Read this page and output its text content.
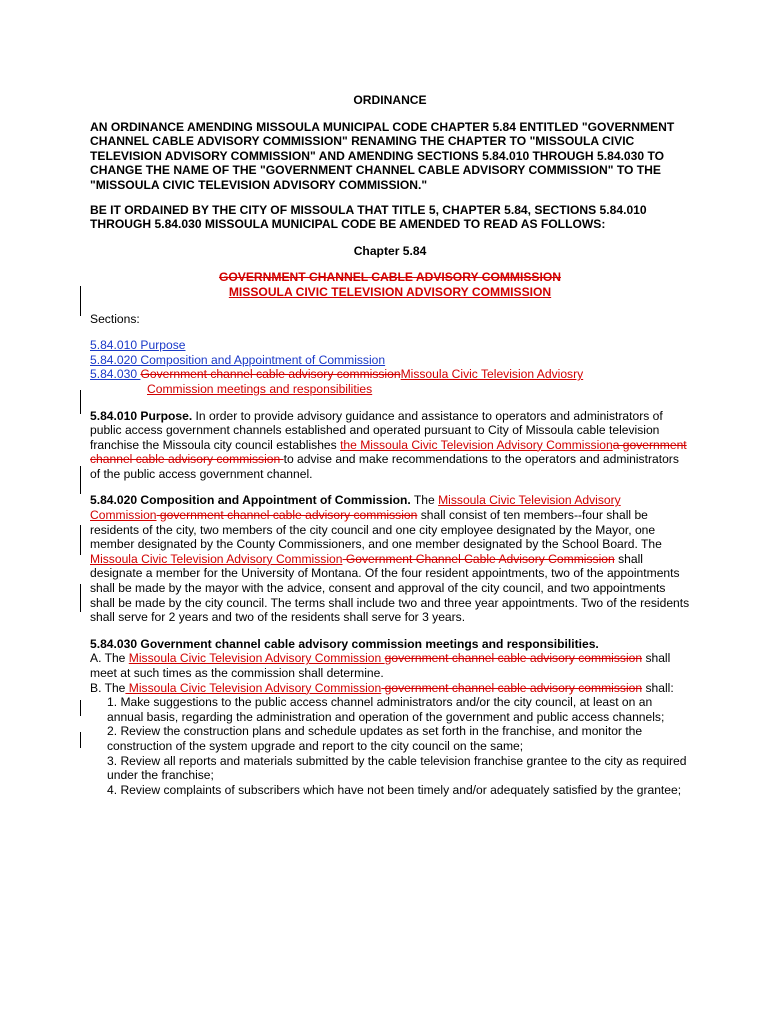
ORDINANCE

AN ORDINANCE AMENDING MISSOULA MUNICIPAL CODE CHAPTER 5.84 ENTITLED "GOVERNMENT CHANNEL CABLE ADVISORY COMMISSION" RENAMING THE CHAPTER TO "MISSOULA CIVIC TELEVISION ADVISORY COMMISSION" AND AMENDING SECTIONS 5.84.010 THROUGH 5.84.030 TO CHANGE THE NAME OF THE "GOVERNMENT CHANNEL CABLE ADVISORY COMMISSION" TO THE "MISSOULA CIVIC TELEVISION ADVISORY COMMISSION."

BE IT ORDAINED BY THE CITY OF MISSOULA THAT TITLE 5, CHAPTER 5.84, SECTIONS 5.84.010 THROUGH 5.84.030 MISSOULA MUNICIPAL CODE BE AMENDED TO READ AS FOLLOWS:

Chapter 5.84

GOVERNMENT CHANNEL CABLE ADVISORY COMMISSION

MISSOULA CIVIC TELEVISION ADVISORY COMMISSION

Sections:

5.84.010 Purpose

5.84.020 Composition and Appointment of Commission

5.84.030 Government channel cable advisory commissionMissoula Civic Television Adviosry
Commission meetings and responsibilities

5.84.010 Purpose. In order to provide advisory guidance and assistance to operators and administrators of public access government channels established and operated pursuant to City of Missoula cable television franchise the Missoula city council establishes the Missoula Civic Television Advisory Commissiona government channel cable advisory commission to advise and make recommendations to the operators and administrators of the public access government channel.

5.84.020 Composition and Appointment of Commission. The Missoula Civic Television Advisory Commission government channel cable advisory commission shall consist of ten members--four shall be residents of the city, two members of the city council and one city employee designated by the Mayor, one member designated by the County Commissioners, and one member designated by the School Board. The Missoula Civic Television Advisory Commission Government Channel Cable Advisory Commission shall designate a member for the University of Montana. Of the four resident appointments, two of the appointments shall be made by the mayor with the advice, consent and approval of the city council, and two appointments shall be made by the city council. The terms shall include two and three year appointments. Two of the residents shall serve for 2 years and two of the residents shall serve for 3 years.

5.84.030 Government channel cable advisory commission meetings and responsibilities.

A. The Missoula Civic Television Advisory Commission government channel cable advisory commission shall meet at such times as the commission shall determine.

B. The Missoula Civic Television Advisory Commission government channel cable advisory commission shall:

1. Make suggestions to the public access channel administrators and/or the city council, at least on an annual basis, regarding the administration and operation of the government and public access channels;

2. Review the construction plans and schedule updates as set forth in the franchise, and monitor the construction of the system upgrade and report to the city council on the same;

3. Review all reports and materials submitted by the cable television franchise grantee to the city as required under the franchise;

4. Review complaints of subscribers which have not been timely and/or adequately satisfied by the grantee;
